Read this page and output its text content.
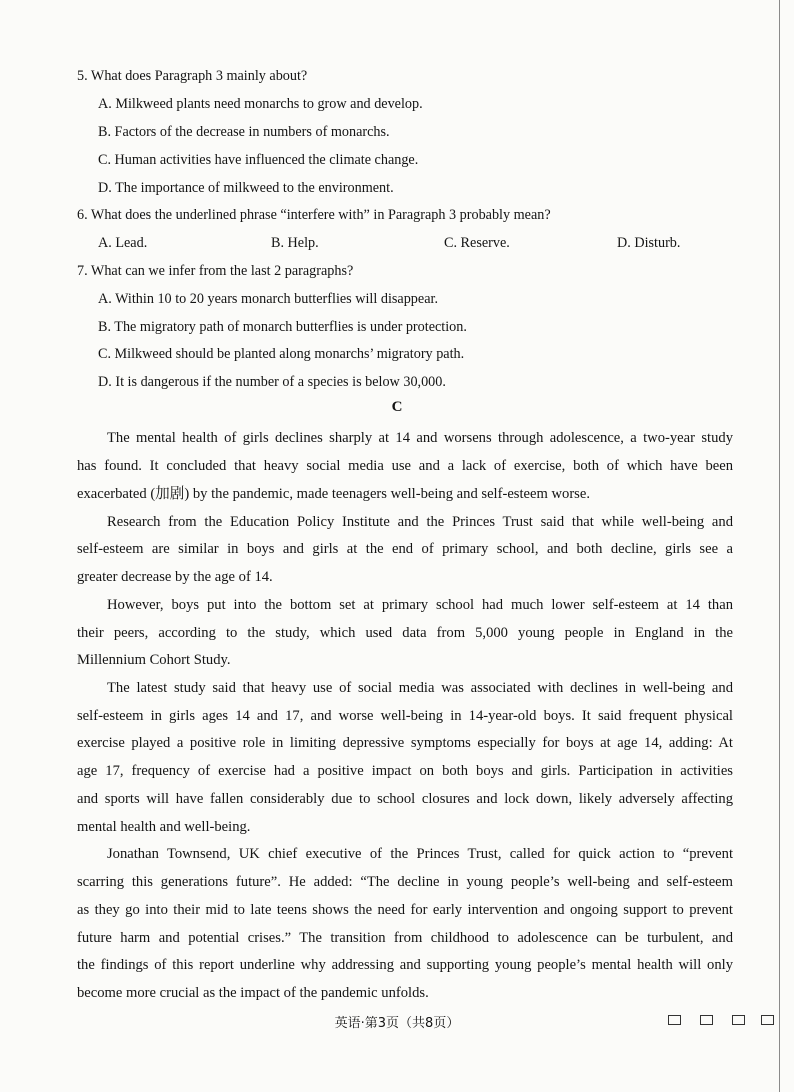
5. What does Paragraph 3 mainly about?
A. Milkweed plants need monarchs to grow and develop.
B. Factors of the decrease in numbers of monarchs.
C. Human activities have influenced the climate change.
D. The importance of milkweed to the environment.
6. What does the underlined phrase “interfere with” in Paragraph 3 probably mean?
A. Lead.	B. Help.	C. Reserve.	D. Disturb.
7. What can we infer from the last 2 paragraphs?
A. Within 10 to 20 years monarch butterflies will disappear.
B. The migratory path of monarch butterflies is under protection.
C. Milkweed should be planted along monarchs’ migratory path.
D. It is dangerous if the number of a species is below 30,000.
C
The mental health of girls declines sharply at 14 and worsens through adolescence, a two-year study
has found. It concluded that heavy social media use and a lack of exercise, both of which have been
exacerbated (加剧) by the pandemic, made teenagers well-being and self-esteem worse.
Research from the Education Policy Institute and the Princes Trust said that while well-being and
self-esteem are similar in boys and girls at the end of primary school, and both decline, girls see a
greater decrease by the age of 14.
However, boys put into the bottom set at primary school had much lower self-esteem at 14 than
their peers, according to the study, which used data from 5,000 young people in England in the
Millennium Cohort Study.
The latest study said that heavy use of social media was associated with declines in well-being and
self-esteem in girls ages 14 and 17, and worse well-being in 14-year-old boys. It said frequent physical
exercise played a positive role in limiting depressive symptoms especially for boys at age 14, adding: At
age 17, frequency of exercise had a positive impact on both boys and girls. Participation in activities
and sports will have fallen considerably due to school closures and lock down, likely adversely affecting
mental health and well-being.
Jonathan Townsend, UK chief executive of the Princes Trust, called for quick action to “prevent
scarring this generations future”. He added: “The decline in young people’s well-being and self-esteem
as they go into their mid to late teens shows the need for early intervention and ongoing support to prevent
future harm and potential crises.” The transition from childhood to adolescence can be turbulent, and
the findings of this report underline why addressing and supporting young people’s mental health will only
become more crucial as the impact of the pandemic unfolds.
英语·第3页（共8页）
